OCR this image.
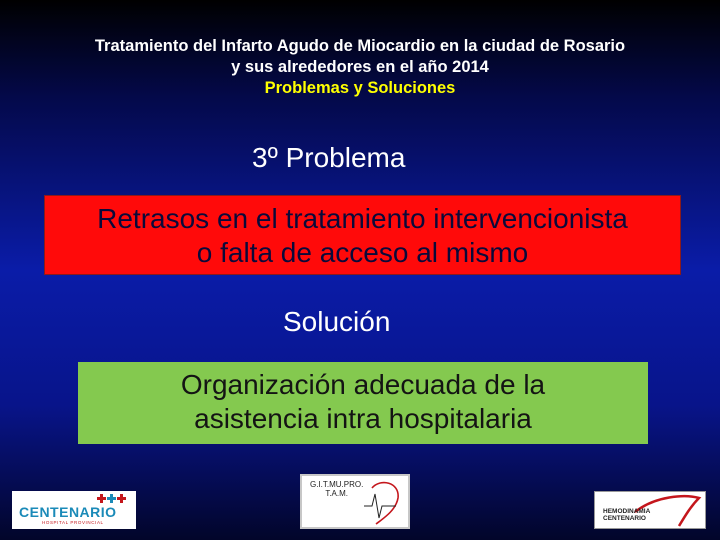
Tratamiento del Infarto Agudo de Miocardio en la ciudad de Rosario
y sus alrededores en el año 2014
Problemas y Soluciones
3º Problema
Retrasos en el tratamiento intervencionista
o falta de acceso al mismo
Solución
Organización adecuada de la
asistencia intra hospitalaria
CENTENARIO
HOSPITAL PROVINCIAL
G.I.T.MU.PRO.
T.A.M.
HEMODINAMIA
CENTENARIO
